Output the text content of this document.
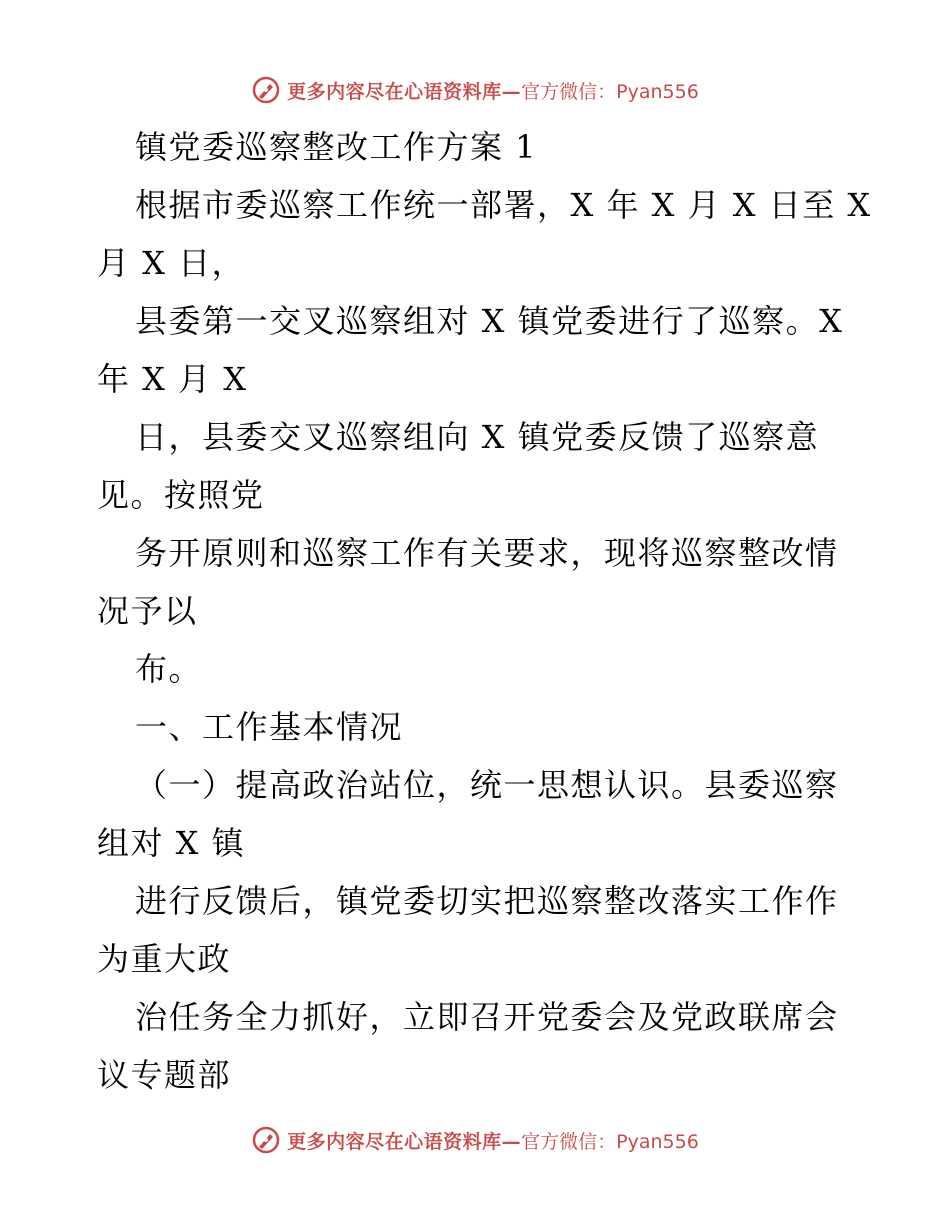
更多内容尽在心语资料库— 官方微信：Pyan556
镇党委巡察整改工作方案 1
根据市委巡察工作统一部署，X 年 X 月 X 日至 X
月 X 日，
县委第一交叉巡察组对 X 镇党委进行了巡察。X
年 X 月 X
日，县委交叉巡察组向 X 镇党委反馈了巡察意
见。按照党
务开原则和巡察工作有关要求，现将巡察整改情
况予以
布。
一、工作基本情况
（一）提高政治站位，统一思想认识。县委巡察
组对 X 镇
进行反馈后，镇党委切实把巡察整改落实工作作
为重大政
治任务全力抓好，立即召开党委会及党政联席会
议专题部
更多内容尽在心语资料库— 官方微信：Pyan556
